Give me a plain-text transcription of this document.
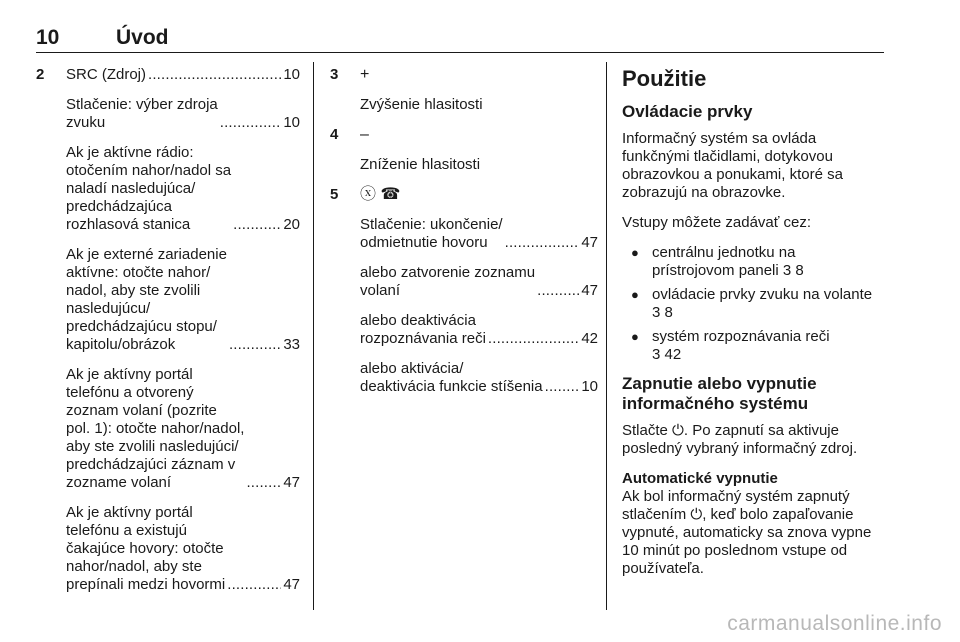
10	Úvod
2 SRC (Zdroj) . . .	10
Stlačenie: výber zdroja
zvuku . . .	10
Ak je aktívne rádio:
otočením nahor/nadol sa
naladí nasledujúca/
predchádzajúca
rozhlasová stanica . . .	20
Ak je externé zariadenie
aktívne: otočte nahor/
nadol, aby ste zvolili
nasledujúcu/
predchádzajúcu stopu/
kapitolu/obrázok . . .	33
Ak je aktívny portál
telefónu a otvorený
zoznam volaní (pozrite
pol. 1): otočte nahor/nadol,
aby ste zvolili nasledujúci/
predchádzajúci záznam v
zozname volaní . . .	47
Ak je aktívny portál
telefónu a existujú
čakajúce hovory: otočte
nahor/nadol, aby ste
prepínali medzi hovormi . . .	47
3 +
Zvýšenie hlasitosti
4 –
Zníženie hlasitosti
5 ⓧ ☎
Stlačenie: ukončenie/
odmietnutie hovoru . . .	47
alebo zatvorenie zoznamu
volaní . . .	47
alebo deaktivácia
rozpoznávania reči . . .	42
alebo aktivácia/
deaktivácia funkcie stíšenia . . .	10
Použitie
Ovládacie prvky

Informačný systém sa ovláda
funkčnými tlačidlami, dotykovou
obrazovkou a ponukami, ktoré sa
zobrazujú na obrazovke.

Vstupy môžete zadávať cez:

● centrálnu jednotku na
prístrojovom paneli 3 8
● ovládacie prvky zvuku na volante
3 8
● systém rozpoznávania reči
3 42
Zapnutie alebo vypnutie
informačného systému

Stlačte ⏻. Po zapnutí sa aktivuje
posledný vybraný informačný zdroj.

Automatické vypnutie

Ak bol informačný systém zapnutý
stlačením ⏻, keď bolo zapaľovanie
vypnuté, automaticky sa znova vypne
10 minút po poslednom vstupe od
používateľa.

carmanualsonline.info
